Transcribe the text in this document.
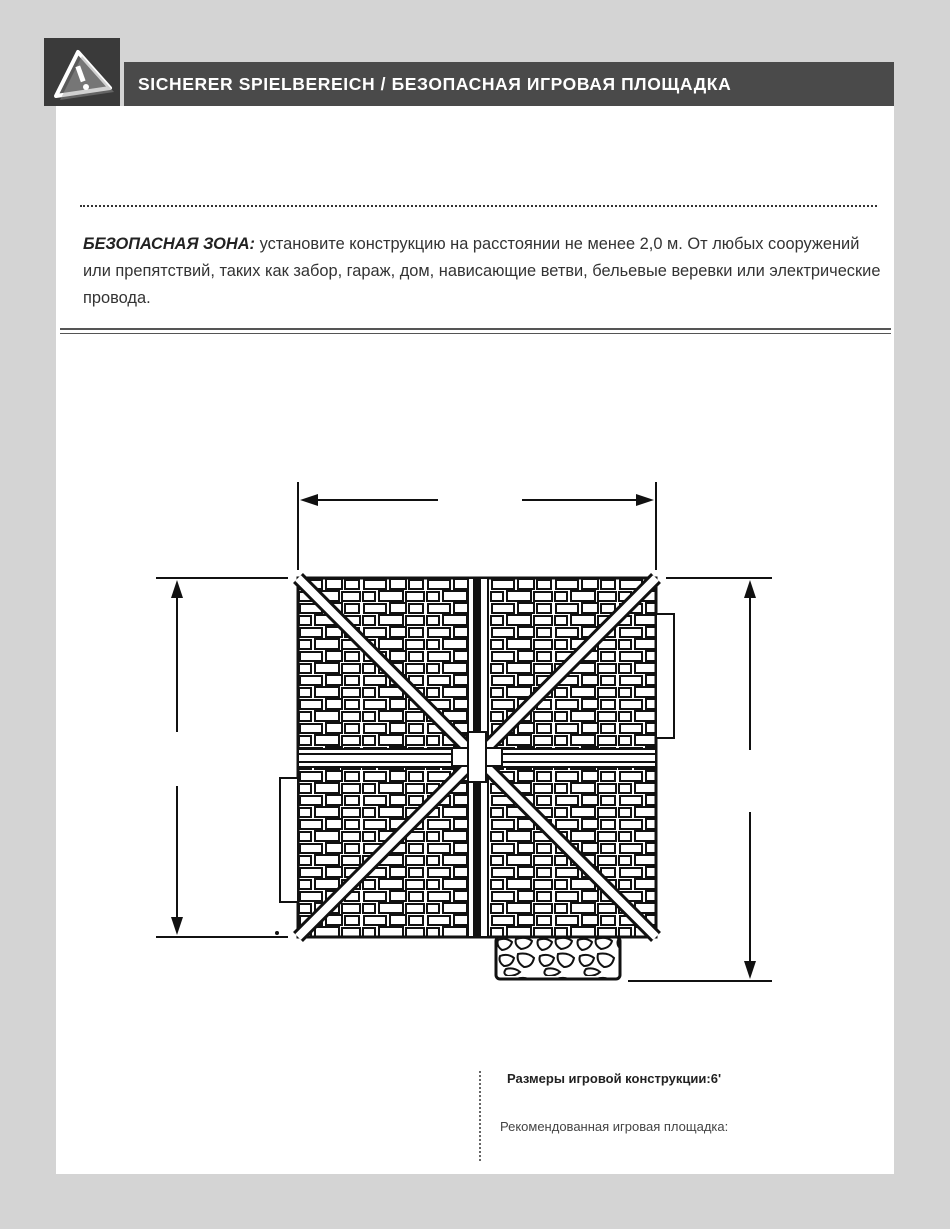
SICHERER SPIELBEREICH / БЕЗОПАСНАЯ ИГРОВАЯ ПЛОЩАДКА
БЕЗОПАСНАЯ ЗОНА: установите конструкцию на расстоянии не менее 2,0 м. От любых сооружений или препятствий, таких как забор, гараж, дом, нависающие ветви, бельевые веревки или электрические провода.
Размеры игровой конструкции:6'
Рекомендованная игровая площадка:
